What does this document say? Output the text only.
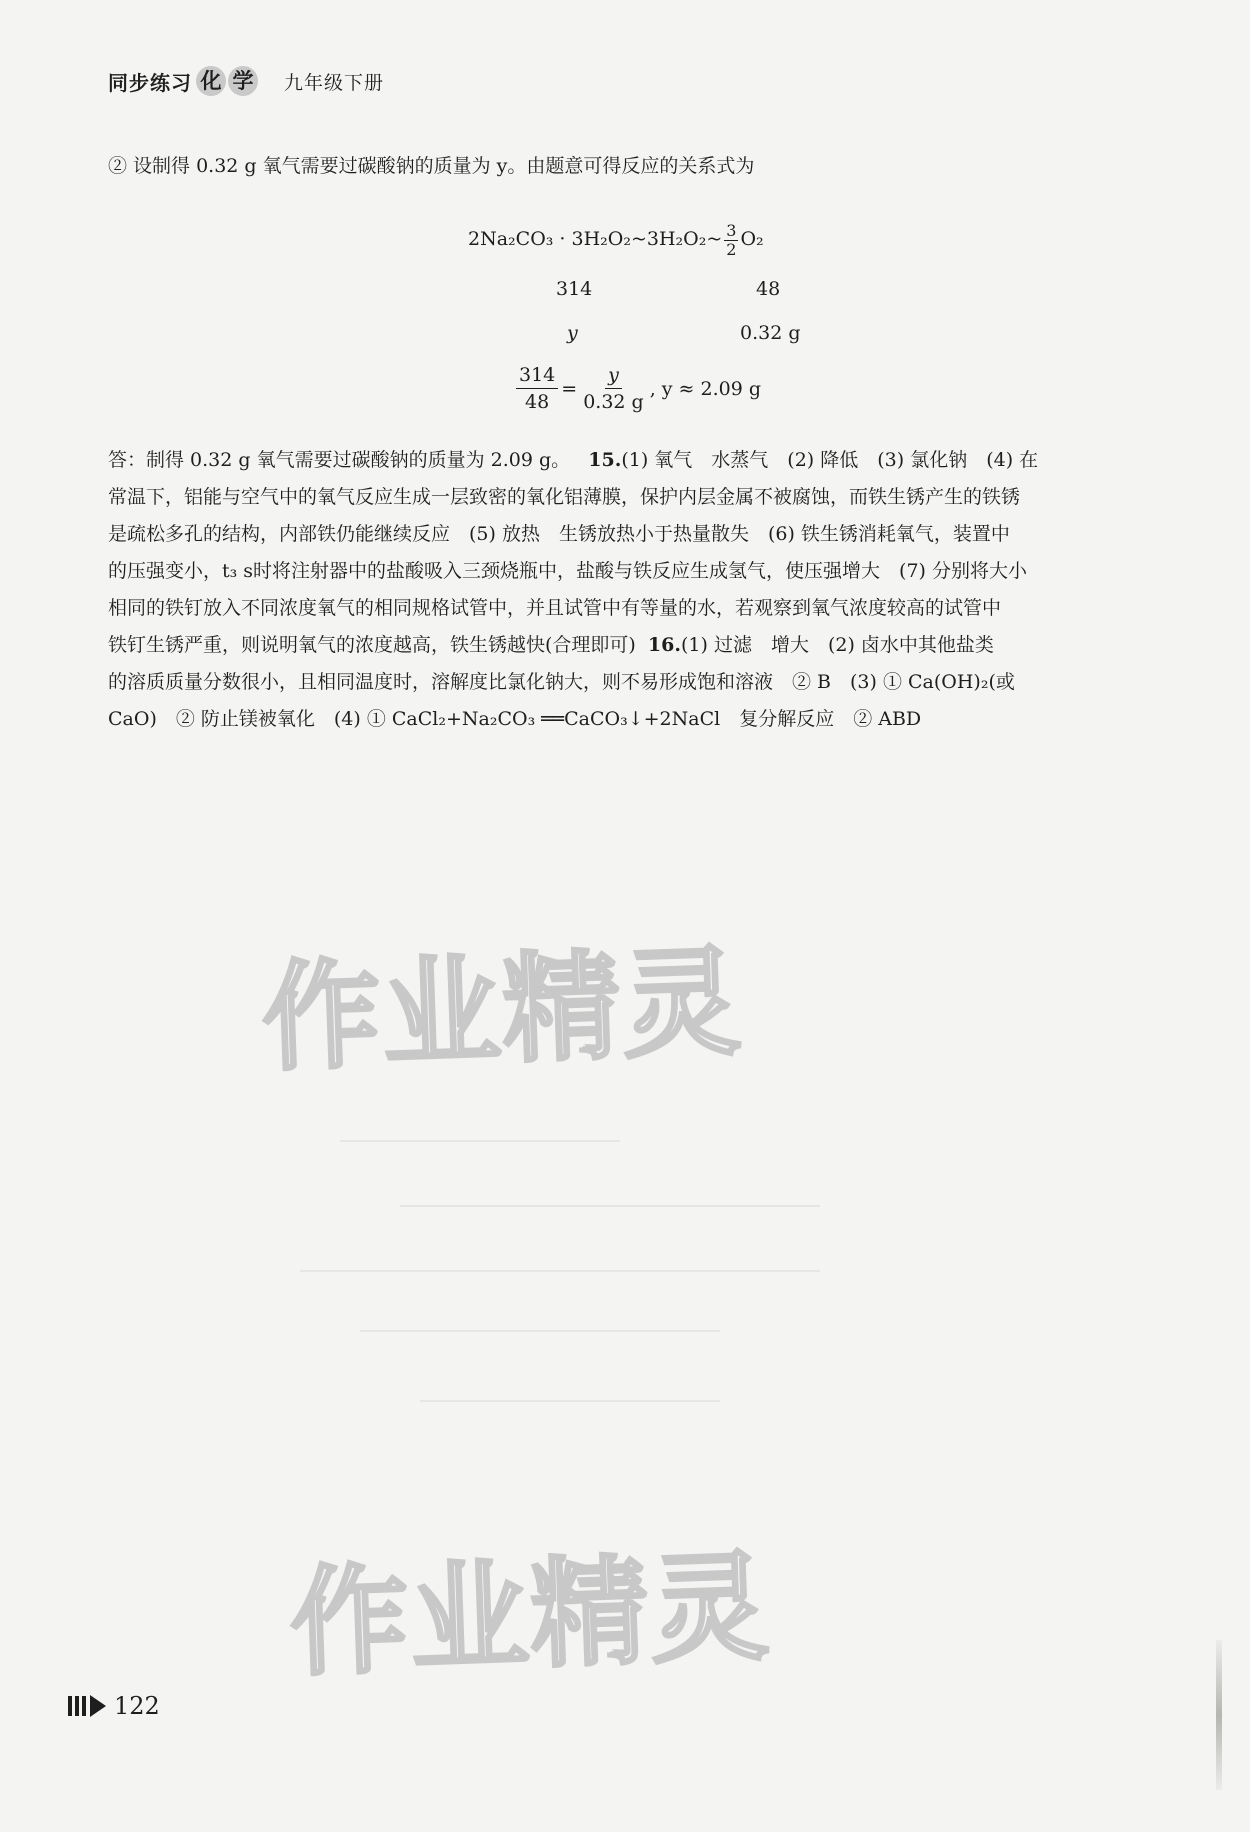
同步练习 化 学 九年级下册
② 设制得 0.32 g 氧气需要过碳酸钠的质量为 y。由题意可得反应的关系式为
2Na₂CO₃ · 3H₂O₂~3H₂O₂~ $\frac{3}{2} O_2$
314	48
y	0.32 g
$\frac{314}{48} = \frac{y}{0.32 g}$ , y ≈ 2.09 g

答：制得 0.32 g 氧气需要过碳酸钠的质量为 2.09 g。 15.(1) 氧气　水蒸气　(2) 降低　(3) 氯化钠　(4) 在

常温下，铝能与空气中的氧气反应生成一层致密的氧化铝薄膜，保护内层金属不被腐蚀，而铁生锈产生的铁锈

是疏松多孔的结构，内部铁仍能继续反应　(5) 放热　生锈放热小于热量散失　(6) 铁生锈消耗氧气，装置中

的压强变小，t₃ s时将注射器中的盐酸吸入三颈烧瓶中，盐酸与铁反应生成氢气，使压强增大　(7) 分别将大小

相同的铁钉放入不同浓度氧气的相同规格试管中，并且试管中有等量的水，若观察到氧气浓度较高的试管中

铁钉生锈严重，则说明氧气的浓度越高，铁生锈越快(合理即可) 16.(1) 过滤　增大　(2) 卤水中其他盐类

的溶质质量分数很小，且相同温度时，溶解度比氯化钠大，则不易形成饱和溶液　② B　(3) ① Ca(OH)₂(或

CaO)　② 防止镁被氧化　(4) ① CaCl₂+Na₂CO₃ ══CaCO₃↓+2NaCl　复分解反应　② ABD

作业精灵
作业精灵
122
